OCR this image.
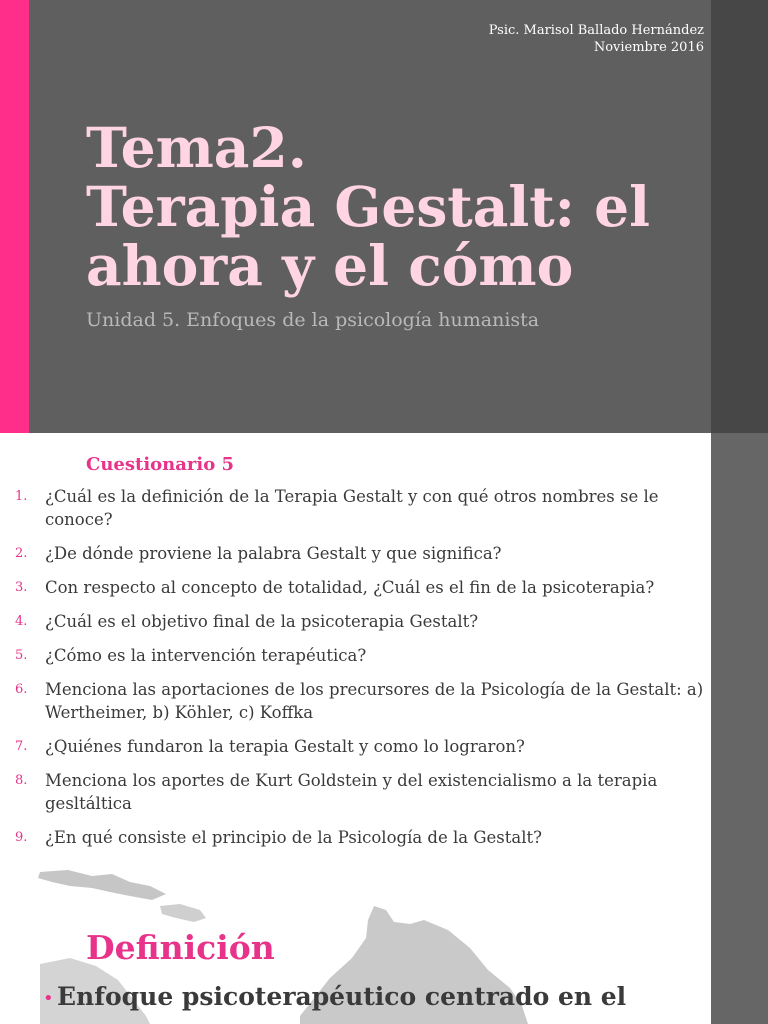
Psic. Marisol Ballado Hernández
Noviembre 2016
Tema2.
Terapia Gestalt: el
ahora y el cómo
Unidad 5. Enfoques de la psicología humanista
Cuestionario 5
1.	¿Cuál es la definición de la Terapia Gestalt y con qué otros nombres se le conoce?
2.	¿De dónde proviene la palabra Gestalt y que significa?
3.	Con respecto al concepto de totalidad, ¿Cuál es el fin de la psicoterapia?
4.	¿Cuál es el objetivo final de la psicoterapia Gestalt?
5.	¿Cómo es la intervención terapéutica?
6.	Menciona las aportaciones de los precursores de la Psicología de la Gestalt: a) Wertheimer, b) Köhler, c) Koffka
7.	¿Quiénes fundaron la terapia Gestalt y como lo lograron?
8.	Menciona los aportes de Kurt Goldstein y del existencialismo a la terapia gesltáltica
9.	¿En qué consiste el principio de la Psicología de la Gestalt?
Definición
• Enfoque psicoterapéutico centrado en el
